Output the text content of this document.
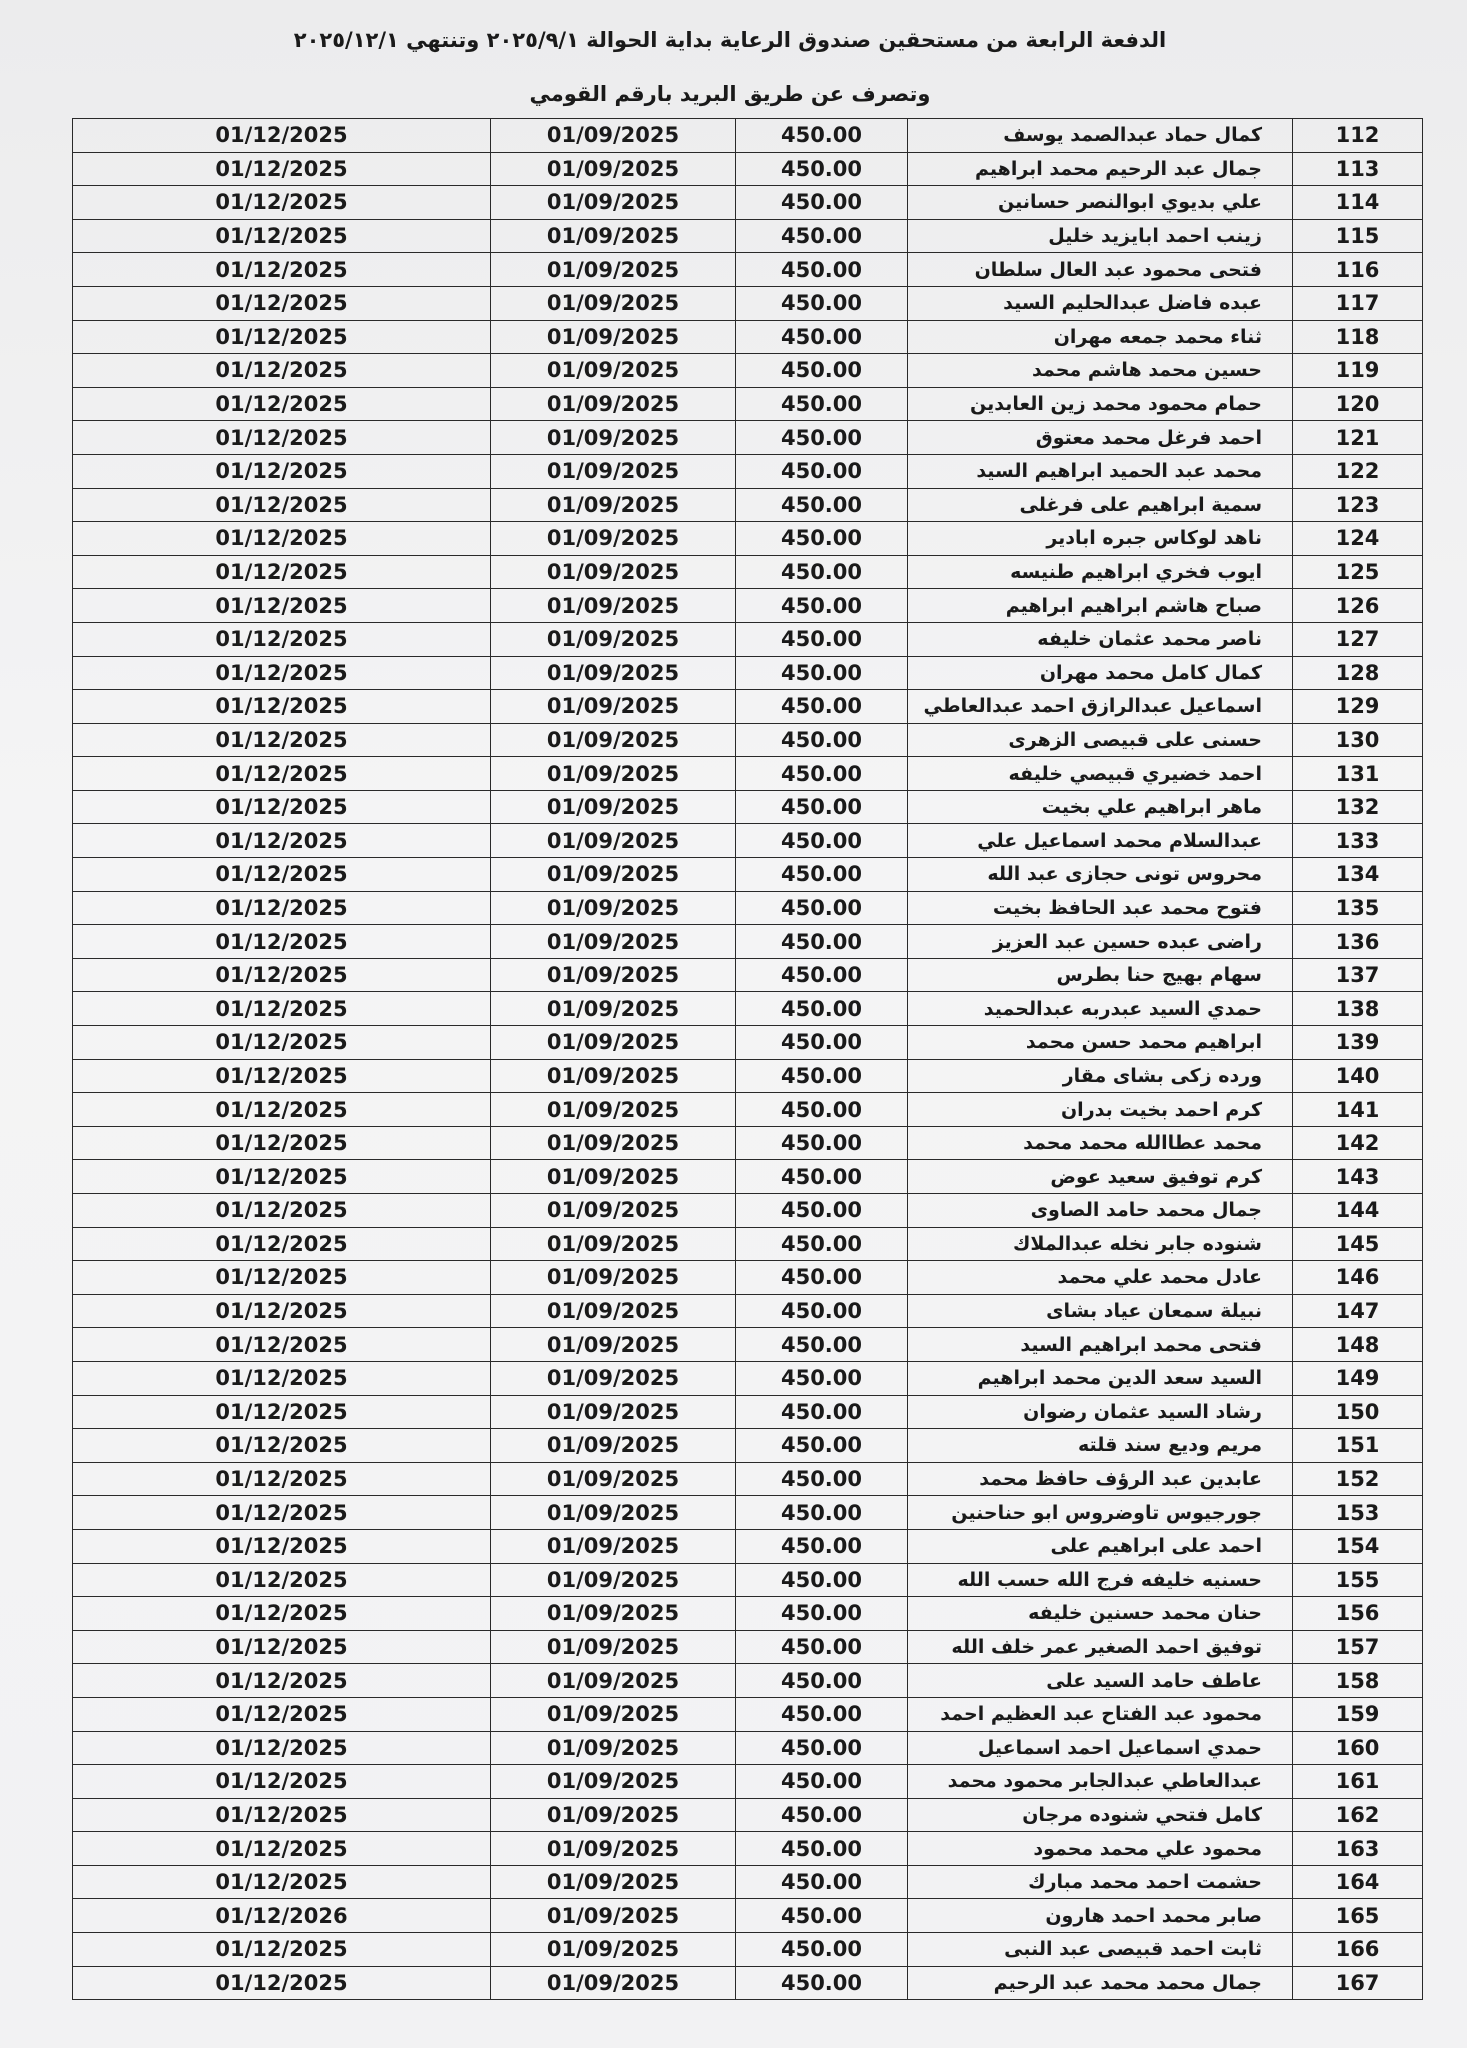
الدفعة الرابعة من مستحقين صندوق الرعاية بداية الحوالة ٢٠٢٥/٩/١ وتنتهي ٢٠٢٥/١٢/١
وتصرف عن طريق البريد بارقم القومي
01/12/2025	01/09/2025	450.00	كمال حماد عبدالصمد يوسف	112
01/12/2025	01/09/2025	450.00	جمال عبد الرحيم محمد ابراهيم	113
01/12/2025	01/09/2025	450.00	علي بديوي ابوالنصر حسانين	114
01/12/2025	01/09/2025	450.00	زينب احمد ابايزيد خليل	115
01/12/2025	01/09/2025	450.00	فتحى محمود عبد العال سلطان	116
01/12/2025	01/09/2025	450.00	عبده فاضل عبدالحليم السيد	117
01/12/2025	01/09/2025	450.00	ثناء محمد جمعه مهران	118
01/12/2025	01/09/2025	450.00	حسين محمد هاشم محمد	119
01/12/2025	01/09/2025	450.00	حمام محمود محمد زين العابدين	120
01/12/2025	01/09/2025	450.00	احمد فرغل محمد معتوق	121
01/12/2025	01/09/2025	450.00	محمد عبد الحميد ابراهيم السيد	122
01/12/2025	01/09/2025	450.00	سمية ابراهيم على فرغلى	123
01/12/2025	01/09/2025	450.00	ناهد لوكاس جبره ابادير	124
01/12/2025	01/09/2025	450.00	ايوب فخري ابراهيم طنيسه	125
01/12/2025	01/09/2025	450.00	صباح هاشم ابراهيم ابراهيم	126
01/12/2025	01/09/2025	450.00	ناصر محمد عثمان خليفه	127
01/12/2025	01/09/2025	450.00	كمال كامل محمد مهران	128
01/12/2025	01/09/2025	450.00	اسماعيل عبدالرازق احمد عبدالعاطي	129
01/12/2025	01/09/2025	450.00	حسنى على قبيصى الزهرى	130
01/12/2025	01/09/2025	450.00	احمد خضيري قبيصي خليفه	131
01/12/2025	01/09/2025	450.00	ماهر ابراهيم علي بخيت	132
01/12/2025	01/09/2025	450.00	عبدالسلام محمد اسماعيل علي	133
01/12/2025	01/09/2025	450.00	محروس تونى حجازى عبد الله	134
01/12/2025	01/09/2025	450.00	فتوح محمد عبد الحافظ بخيت	135
01/12/2025	01/09/2025	450.00	راضى عبده حسين عبد العزيز	136
01/12/2025	01/09/2025	450.00	سهام بهيج حنا بطرس	137
01/12/2025	01/09/2025	450.00	حمدي السيد عبدربه عبدالحميد	138
01/12/2025	01/09/2025	450.00	ابراهيم محمد حسن محمد	139
01/12/2025	01/09/2025	450.00	ورده زكى بشاى مقار	140
01/12/2025	01/09/2025	450.00	كرم احمد بخيت بدران	141
01/12/2025	01/09/2025	450.00	محمد عطاالله محمد محمد	142
01/12/2025	01/09/2025	450.00	كرم توفيق سعيد عوض	143
01/12/2025	01/09/2025	450.00	جمال محمد حامد الصاوى	144
01/12/2025	01/09/2025	450.00	شنوده جابر نخله عبدالملاك	145
01/12/2025	01/09/2025	450.00	عادل محمد علي محمد	146
01/12/2025	01/09/2025	450.00	نبيلة سمعان عياد بشاى	147
01/12/2025	01/09/2025	450.00	فتحى محمد ابراهيم السيد	148
01/12/2025	01/09/2025	450.00	السيد سعد الدين محمد ابراهيم	149
01/12/2025	01/09/2025	450.00	رشاد السيد عثمان رضوان	150
01/12/2025	01/09/2025	450.00	مريم وديع سند قلته	151
01/12/2025	01/09/2025	450.00	عابدين عبد الرؤف حافظ محمد	152
01/12/2025	01/09/2025	450.00	جورجيوس تاوضروس ابو حناحنين	153
01/12/2025	01/09/2025	450.00	احمد على ابراهيم على	154
01/12/2025	01/09/2025	450.00	حسنيه خليفه فرج الله حسب الله	155
01/12/2025	01/09/2025	450.00	حنان محمد حسنين خليفه	156
01/12/2025	01/09/2025	450.00	توفيق احمد الصغير عمر خلف الله	157
01/12/2025	01/09/2025	450.00	عاطف حامد السيد على	158
01/12/2025	01/09/2025	450.00	محمود عبد الفتاح عبد العظيم احمد	159
01/12/2025	01/09/2025	450.00	حمدي اسماعيل احمد اسماعيل	160
01/12/2025	01/09/2025	450.00	عبدالعاطي عبدالجابر محمود محمد	161
01/12/2025	01/09/2025	450.00	كامل فتحي شنوده مرجان	162
01/12/2025	01/09/2025	450.00	محمود علي محمد محمود	163
01/12/2025	01/09/2025	450.00	حشمت احمد محمد مبارك	164
01/12/2026	01/09/2025	450.00	صابر محمد احمد هارون	165
01/12/2025	01/09/2025	450.00	ثابت احمد قبيصى عبد النبى	166
01/12/2025	01/09/2025	450.00	جمال محمد محمد عبد الرحيم	167
